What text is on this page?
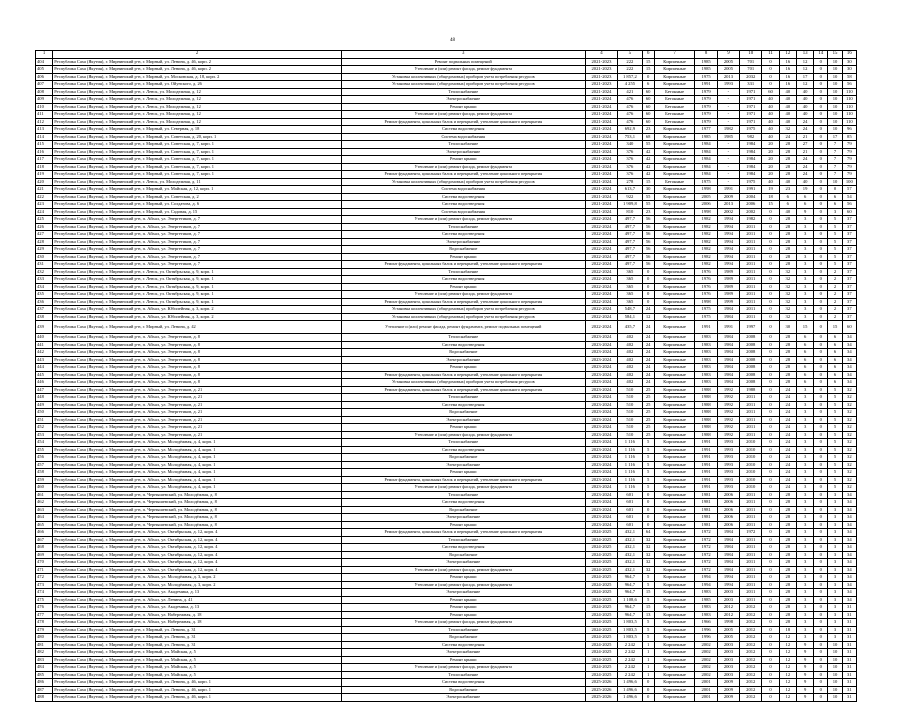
48
1	2	3	4	5	6	7	8	9	10	11	12	13	14	15	16
404	Республика Саха (Якутия), г. Мирнинский р-н, г. Мирный, ул. Ленина, д. 46, корп. 2	Ремонт подвальных помещений	2021-2023	222	15	Кирпичные	1985	2005	701	0	16	12	0	10	30
405	Республика Саха (Якутия), г. Мирнинский р-н, г. Мирный, ул. Ленина, д. 46, корп. 2	Утепление и (или) ремонт фасада, ремонт фундамента	2021-2023	222	15	Кирпичные	1985	2005	701	0	16	12	0	10	30
406	Республика Саха (Якутия), г. Мирнинский р-н, г. Мирный, ул. Московская, д. 18, корп. 2	Установка коллективных (общедомовых) приборов учета потребления ресурсов	2021-2023	1 857,2	0	Кирпичные	1975	2013	2032	0	16	17	0	10	58
407	Республика Саха (Якутия), г. Мирнинский р-н, г. Мирный, ул. Ойунского, д. 26	Установка коллективных (общедомовых) приборов учета потребления ресурсов	2021-2023	4 255	6	Кирпичные	1991	1993	331	0	16	12	0	10	56
408	Республика Саха (Якутия), г. Мирнинский р-н, г. Ленск, ул. Молодежная, д. 12	Теплоснабжение	2021-2024	421	60	Бетонные	1979	-	1971	60	40	40	0	10	110
409	Республика Саха (Якутия), г. Мирнинский р-н, г. Ленск, ул. Молодежная, д. 12	Электроснабжение	2021-2024	476	60	Бетонные	1979	-	1971	40	40	40	0	10	110
410	Республика Саха (Якутия), г. Мирнинский р-н, г. Ленск, ул. Молодежная, д. 12	Ремонт крыши	2021-2024	476	60	Бетонные	1979	-	1971	40	40	40	0	10	110
411	Республика Саха (Якутия), г. Мирнинский р-н, г. Ленск, ул. Молодежная, д. 12	Утепление и (или) ремонт фасада, ремонт фундамента	2021-2024	476	60	Бетонные	1979	-	1971	40	40	40	0	10	110
412	Республика Саха (Якутия), г. Мирнинский р-н, г. Ленск, ул. Молодежная, д. 12	Ремонт фундамента, цокольных балок и перекрытий, утепление цокольного перекрытия	2021-2024	476	60	Бетонные	1979	-	1971	40	40	24	0	10	110
413	Республика Саха (Якутия), г. Мирнинский р-н, г. Мирный, ул. Северная, д. 18	Система водоотведения	2021-2024	692,9	23	Кирпичные	1977	1982	1975	40	32	24	0	10	96
414	Республика Саха (Якутия), г. Мирнинский р-н, г. Мирный, ул. Советская, д. 20, корп. 1	Система водоснабжения	2021-2024	753,1	68	Кирпичные	1985	1985	982	40	24	21	0	17	85
415	Республика Саха (Якутия), г. Мирнинский р-н, г. Мирный, ул. Советская, д. 7, корп. 1	Теплоснабжение	2021-2024	340	55	Кирпичные	1984	-	1984	20	28	27	0	7	79
416	Республика Саха (Якутия), г. Мирнинский р-н, г. Мирный, ул. Советская, д. 7, корп. 1	Электроснабжение	2021-2024	376	42	Кирпичные	1984	-	1984	20	28	21	0	7	79
417	Республика Саха (Якутия), г. Мирнинский р-н, г. Мирный, ул. Советская, д. 7, корп. 1	Ремонт крыши	2021-2024	376	42	Кирпичные	1984	-	1984	20	28	24	0	7	79
418	Республика Саха (Якутия), г. Мирнинский р-н, г. Мирный, ул. Советская, д. 7, корп. 1	Утепление и (или) ремонт фасада, ремонт фундамента	2021-2024	376	42	Кирпичные	1984	-	1984	20	28	24	0	7	79
419	Республика Саха (Якутия), г. Мирнинский р-н, г. Мирный, ул. Советская, д. 7, корп. 1	Ремонт фундамента, цокольных балок и перекрытий, утепление цокольного перекрытия	2021-2024	376	42	Кирпичные	1984	-	1984	20	28	24	0	7	79
420	Республика Саха (Якутия), г. Мирнинский р-н, г. Ленск, ул. Молодежная, д. 11	Установка коллективных (общедомовых) приборов учета потребления ресурсов	2021-2024	278	15	Бетонные	1975	-	1975	40	40	40	0	10	100
421	Республика Саха (Якутия), г. Мирнинский р-н, г. Мирный, ул. Майская, д. 12, корп. 1	Система водоснабжения	2021-2024	613,7	30	Кирпичные	1998	1991	1991	19	23	19	0	0	57
422	Республика Саха (Якутия), г. Мирнинский р-н, г. Мирный, ул. Советская, д. 2	Система водоотведения	2021-2024	922	55	Кирпичные	2005	2009	2004	18	6	6	0	6	54
423	Республика Саха (Якутия), г. Мирнинский р-н, г. Мирный, ул. Солдатова, д. 6	Система водоотведения	2021-2024	1 909,8	55	Кирпичные	2006	2013	2006	15	6	6	0	6	56
424	Республика Саха (Якутия), г. Мирнинский р-н, г. Мирный, ул. Садовая, д. 15	Система водоснабжения	2021-2024	810	23	Кирпичные	1998	2002	2002	0	40	9	0	3	60
425	Республика Саха (Якутия), г. Мирнинский р-н, п. Айхал, ул. Энергетиков, д. 7	Утепление и (или) ремонт фасада, ремонт фундамента	2022-2024	497,7	56	Кирпичные	1982	1994	1982	0	28	3	0	5	37
426	Республика Саха (Якутия), г. Мирнинский р-н, п. Айхал, ул. Энергетиков, д. 7	Теплоснабжение	2022-2024	497,7	56	Кирпичные	1982	1994	2011	0	28	3	0	5	37
427	Республика Саха (Якутия), г. Мирнинский р-н, п. Айхал, ул. Энергетиков, д. 7	Система водоотведения	2022-2024	497,7	56	Кирпичные	1982	1994	2011	0	28	3	0	5	37
428	Республика Саха (Якутия), г. Мирнинский р-н, п. Айхал, ул. Энергетиков, д. 7	Электроснабжение	2022-2024	497,7	56	Кирпичные	1982	1994	2011	0	28	3	0	5	37
429	Республика Саха (Якутия), г. Мирнинский р-н, п. Айхал, ул. Энергетиков, д. 7	Водоснабжение	2022-2024	497,7	56	Кирпичные	1982	1994	2011	0	28	3	0	5	37
430	Республика Саха (Якутия), г. Мирнинский р-н, п. Айхал, ул. Энергетиков, д. 7	Ремонт крыши	2022-2024	497,7	56	Кирпичные	1982	1994	2011	0	28	3	0	5	37
431	Республика Саха (Якутия), г. Мирнинский р-н, п. Айхал, ул. Энергетиков, д. 7	Ремонт фундамента, цокольных балок и перекрытий, утепление цокольного перекрытия	2022-2024	497,7	56	Кирпичные	1982	1994	2011	0	28	3	0	5	37
432	Республика Саха (Якутия), г. Мирнинский р-н, г. Ленск, ул. Октябрьская, д. 9, корп. 1	Теплоснабжение	2022-2024	365	0	Кирпичные	1976	1989	2011	0	32	3	0	2	37
433	Республика Саха (Якутия), г. Мирнинский р-н, г. Ленск, ул. Октябрьская, д. 9, корп. 1	Система водоотведения	2022-2024	365	0	Кирпичные	1976	1989	2011	0	32	3	0	2	37
434	Республика Саха (Якутия), г. Мирнинский р-н, г. Ленск, ул. Октябрьская, д. 9, корп. 1	Ремонт крыши	2022-2024	365	0	Кирпичные	1976	1989	2011	0	32	3	0	2	37
435	Республика Саха (Якутия), г. Мирнинский р-н, г. Ленск, ул. Октябрьская, д. 9, корп. 1	Утепление и (или) ремонт фасада, ремонт фундамента	2022-2024	365	0	Кирпичные	1976	1989	2011	0	32	3	0	2	37
436	Республика Саха (Якутия), г. Мирнинский р-н, г. Ленск, ул. Октябрьская, д. 9, корп. 1	Ремонт фундамента, цокольных балок и перекрытий, утепление цокольного перекрытия	2022-2024	365	0	Кирпичные	1998	1999	2011	0	32	3	0	2	37
437	Республика Саха (Якутия), г. Мирнинский р-н, п. Айхал, ул. Юбилейная, д. 3, корп. 2	Установка коллективных (общедомовых) приборов учета потребления ресурсов	2022-2024	548,7	24	Кирпичные	1975	1984	2011	0	32	3	0	2	37
438	Республика Саха (Якутия), г. Мирнинский р-н, п. Айхал, ул. Юбилейная, д. 3, корп. 2	Установка коллективных (общедомовых) приборов учета потребления ресурсов	2022-2024	584,1	12	Кирпичные	1975	1984	2011	0	32	3	0	2	37
439	Республика Саха (Якутия), г. Мирнинский р-н, г. Мирный, ул. Ленина, д. 42	Утепление и (или) ремонт фасада, ремонт фундамента, ремонт подвальных помещений	2022-2024	435,7	24	Кирпичные	1991	1991	1997	0	30	15	0	15	60
440	Республика Саха (Якутия), г. Мирнинский р-н, п. Айхал, ул. Энергетиков, д. 8	Теплоснабжение	2023-2024	402	24	Кирпичные	1983	1984	2008	0	28	6	0	6	34
441	Республика Саха (Якутия), г. Мирнинский р-н, п. Айхал, ул. Энергетиков, д. 8	Система водоотведения	2023-2024	402	24	Кирпичные	1983	1984	2008	0	28	6	0	6	34
442	Республика Саха (Якутия), г. Мирнинский р-н, п. Айхал, ул. Энергетиков, д. 8	Водоснабжение	2023-2024	402	24	Кирпичные	1983	1984	2008	0	28	6	0	6	34
443	Республика Саха (Якутия), г. Мирнинский р-н, п. Айхал, ул. Энергетиков, д. 8	Электроснабжение	2023-2024	402	24	Кирпичные	1983	1984	2008	0	28	6	0	6	34
444	Республика Саха (Якутия), г. Мирнинский р-н, п. Айхал, ул. Энергетиков, д. 8	Ремонт крыши	2023-2024	402	24	Кирпичные	1983	1984	2008	0	28	6	0	6	34
445	Республика Саха (Якутия), г. Мирнинский р-н, п. Айхал, ул. Энергетиков, д. 8	Ремонт фундамента, цокольных балок и перекрытий, утепление цокольного перекрытия	2023-2024	402	24	Кирпичные	1983	1984	2008	0	28	6	0	6	34
446	Республика Саха (Якутия), г. Мирнинский р-н, п. Айхал, ул. Энергетиков, д. 8	Установка коллективных (общедомовых) приборов учета потребления ресурсов	2023-2024	402	24	Кирпичные	1983	1984	2008	0	28	6	0	6	34
447	Республика Саха (Якутия), г. Мирнинский р-н, п. Айхал, ул. Энергетиков, д. 21	Ремонт фундамента, цокольных балок и перекрытий, утепление цокольного перекрытия	2023-2024	510	25	Кирпичные	1988	1992	1988	0	24	3	0	5	32
448	Республика Саха (Якутия), г. Мирнинский р-н, п. Айхал, ул. Энергетиков, д. 21	Теплоснабжение	2023-2024	510	25	Кирпичные	1988	1992	2011	0	24	3	0	5	32
449	Республика Саха (Якутия), г. Мирнинский р-н, п. Айхал, ул. Энергетиков, д. 21	Система водоотведения	2023-2024	510	25	Кирпичные	1988	1992	2011	0	24	3	0	5	32
450	Республика Саха (Якутия), г. Мирнинский р-н, п. Айхал, ул. Энергетиков, д. 21	Водоснабжение	2023-2024	510	25	Кирпичные	1988	1992	2011	0	24	3	0	5	32
451	Республика Саха (Якутия), г. Мирнинский р-н, п. Айхал, ул. Энергетиков, д. 21	Электроснабжение	2023-2024	510	25	Кирпичные	1988	1992	2011	0	24	3	0	5	32
452	Республика Саха (Якутия), г. Мирнинский р-н, п. Айхал, ул. Энергетиков, д. 21	Ремонт крыши	2023-2024	510	25	Кирпичные	1988	1992	2011	0	24	3	0	5	32
453	Республика Саха (Якутия), г. Мирнинский р-н, п. Айхал, ул. Энергетиков, д. 21	Утепление и (или) ремонт фасада, ремонт фундамента	2023-2024	510	25	Кирпичные	1988	1992	2011	0	24	3	0	5	32
454	Республика Саха (Якутия), г. Мирнинский р-н, п. Айхал, ул. Молодёжная, д. 4, корп. 1	Теплоснабжение	2023-2024	1 116	5	Кирпичные	1991	1993	2010	0	24	3	0	5	32
455	Республика Саха (Якутия), г. Мирнинский р-н, п. Айхал, ул. Молодёжная, д. 4, корп. 1	Система водоотведения	2023-2024	1 116	5	Кирпичные	1991	1993	2010	0	24	3	0	5	32
456	Республика Саха (Якутия), г. Мирнинский р-н, п. Айхал, ул. Молодёжная, д. 4, корп. 1	Водоснабжение	2023-2024	1 116	5	Кирпичные	1991	1993	2010	0	24	3	0	5	32
457	Республика Саха (Якутия), г. Мирнинский р-н, п. Айхал, ул. Молодёжная, д. 4, корп. 1	Электроснабжение	2023-2024	1 116	5	Кирпичные	1991	1993	2010	0	24	3	0	5	32
458	Республика Саха (Якутия), г. Мирнинский р-н, п. Айхал, ул. Молодёжная, д. 4, корп. 1	Ремонт крыши	2023-2024	1 116	5	Кирпичные	1991	1993	2010	0	24	3	0	5	32
459	Республика Саха (Якутия), г. Мирнинский р-н, п. Айхал, ул. Молодёжная, д. 4, корп. 1	Ремонт фундамента, цокольных балок и перекрытий, утепление цокольного перекрытия	2023-2024	1 116	5	Кирпичные	1991	1993	2010	0	24	3	0	5	32
460	Республика Саха (Якутия), г. Мирнинский р-н, п. Айхал, ул. Молодёжная, д. 4, корп. 1	Утепление и (или) ремонт фасада, ремонт фундамента	2023-2024	1 116	5	Кирпичные	1991	1993	2010	0	24	3	0	5	32
461	Республика Саха (Якутия), г. Мирнинский р-н, п. Чернышевский, ул. Молодёжная, д. 8	Теплоснабжение	2023-2024	601	0	Кирпичные	1981	2006	2011	0	28	3	0	3	34
462	Республика Саха (Якутия), г. Мирнинский р-н, п. Чернышевский, ул. Молодёжная, д. 8	Система водоотведения	2023-2024	601	0	Кирпичные	1981	2006	2011	0	28	3	0	3	34
463	Республика Саха (Якутия), г. Мирнинский р-н, п. Чернышевский, ул. Молодёжная, д. 8	Водоснабжение	2023-2024	601	0	Кирпичные	1981	2006	2011	0	28	3	0	3	34
464	Республика Саха (Якутия), г. Мирнинский р-н, п. Чернышевский, ул. Молодёжная, д. 8	Электроснабжение	2023-2024	601	0	Кирпичные	1981	2006	2011	0	28	3	0	3	34
465	Республика Саха (Якутия), г. Мирнинский р-н, п. Чернышевский, ул. Молодёжная, д. 8	Ремонт крыши	2023-2024	601	0	Кирпичные	1981	2006	2011	0	28	3	0	3	34
466	Республика Саха (Якутия), г. Мирнинский р-н, п. Айхал, ул. Октябрьская, д. 12, корп. 4	Ремонт фундамента, цокольных балок и перекрытий, утепление цокольного перекрытия	2024-2025	432,1	64	Кирпичные	1972	1984	1972	0	28	3	0	3	34
467	Республика Саха (Якутия), г. Мирнинский р-н, п. Айхал, ул. Октябрьская, д. 12, корп. 4	Теплоснабжение	2024-2025	432,1	32	Кирпичные	1972	1984	2011	0	28	3	0	3	34
468	Республика Саха (Якутия), г. Мирнинский р-н, п. Айхал, ул. Октябрьская, д. 12, корп. 4	Система водоотведения	2024-2025	432,1	32	Кирпичные	1972	1984	2011	0	28	3	0	3	34
469	Республика Саха (Якутия), г. Мирнинский р-н, п. Айхал, ул. Октябрьская, д. 12, корп. 4	Водоснабжение	2024-2025	432,1	32	Кирпичные	1972	1984	2011	0	28	3	0	3	34
470	Республика Саха (Якутия), г. Мирнинский р-н, п. Айхал, ул. Октябрьская, д. 12, корп. 4	Электроснабжение	2024-2025	432,1	32	Кирпичные	1972	1984	2011	0	28	3	0	3	34
471	Республика Саха (Якутия), г. Мирнинский р-н, п. Айхал, ул. Октябрьская, д. 12, корп. 4	Утепление и (или) ремонт фасада, ремонт фундамента	2024-2025	432,1	32	Кирпичные	1972	1984	2011	0	28	3	0	3	34
472	Республика Саха (Якутия), г. Мирнинский р-н, п. Айхал, ул. Молодёжная, д. 3, корп. 2	Ремонт крыши	2024-2025	964,7	5	Кирпичные	1994	1994	2011	0	28	3	0	3	34
473	Республика Саха (Якутия), г. Мирнинский р-н, п. Айхал, ул. Молодёжная, д. 3, корп. 2	Утепление и (или) ремонт фасада, ремонт фундамента	2024-2025	964,7	5	Кирпичные	1994	1994	2011	0	28	3	0	3	34
474	Республика Саха (Якутия), г. Мирнинский р-н, п. Айхал, ул. Академика, д. 13	Электроснабжение	2024-2025	964,7	15	Кирпичные	1983	2003	2011	0	28	3	0	3	34
475	Республика Саха (Якутия), г. Мирнинский р-н, п. Айхал, ул. Ленина, д. 41	Ремонт крыши	2024-2025	1 108,6	5	Кирпичные	1985	2003	2011	0	28	3	0	3	34
476	Республика Саха (Якутия), г. Мирнинский р-н, п. Айхал, ул. Академика, д. 13	Ремонт крыши	2024-2025	964,7	15	Кирпичные	1983	2012	2012	0	28	3	0	3	31
477	Республика Саха (Якутия), г. Мирнинский р-н, п. Айхал, ул. Набережная, д. 18	Ремонт крыши	2024-2025	964,7	13	Кирпичные	1983	2012	2012	0	28	3	0	3	31
478	Республика Саха (Якутия), г. Мирнинский р-н, п. Айхал, ул. Набережная, д. 18	Утепление и (или) ремонт фасада, ремонт фундамента	2024-2025	1 803,5	5	Кирпичные	1966	1998	2012	0	28	3	0	3	31
479	Республика Саха (Якутия), г. Мирнинский р-н, г. Мирный, ул. Ленина, д. 31	Теплоснабжение	2024-2025	1 803,5	5	Кирпичные	1996	2005	2012	0	18	3	0	3	31
480	Республика Саха (Якутия), г. Мирнинский р-н, г. Мирный, ул. Ленина, д. 31	Водоснабжение	2024-2025	1 803,5	5	Кирпичные	1996	2005	2012	0	12	3	0	3	31
481	Республика Саха (Якутия), г. Мирнинский р-н, г. Мирный, ул. Ленина, д. 31	Система водоотведения	2024-2025	2 242	1	Кирпичные	2002	2003	2012	0	12	9	0	10	31
482	Республика Саха (Якутия), г. Мирнинский р-н, г. Мирный, ул. Майская, д. 5	Электроснабжение	2024-2025	2 242	1	Кирпичные	2002	2003	2012	0	12	9	0	10	31
483	Республика Саха (Якутия), г. Мирнинский р-н, г. Мирный, ул. Майская, д. 5	Ремонт крыши	2024-2025	2 242	1	Кирпичные	2002	2003	2012	0	12	9	0	10	31
484	Республика Саха (Якутия), г. Мирнинский р-н, г. Мирный, ул. Майская, д. 5	Утепление и (или) ремонт фасада, ремонт фундамента	2024-2025	2 242	1	Кирпичные	2002	2003	2012	0	12	9	0	10	31
485	Республика Саха (Якутия), г. Мирнинский р-н, г. Мирный, ул. Майская, д. 5	Теплоснабжение	2024-2025	2 242	1	Кирпичные	2002	2003	2012	0	12	9	0	10	31
486	Республика Саха (Якутия), г. Мирнинский р-н, г. Мирный, ул. Ленина, д. 46, корп. 1	Система водоотведения	2025-2026	1 496,6	0	Кирпичные	2001	2009	2012	0	12	9	0	10	31
487	Республика Саха (Якутия), г. Мирнинский р-н, г. Мирный, ул. Ленина, д. 46, корп. 1	Водоснабжение	2025-2026	1 496,6	0	Кирпичные	2001	2009	2012	0	12	9	0	10	31
488	Республика Саха (Якутия), г. Мирнинский р-н, г. Мирный, ул. Ленина, д. 46, корп. 1	Электроснабжение	2025-2026	1 496,6	0	Кирпичные	2001	2009	2012	0	12	9	0	10	31
